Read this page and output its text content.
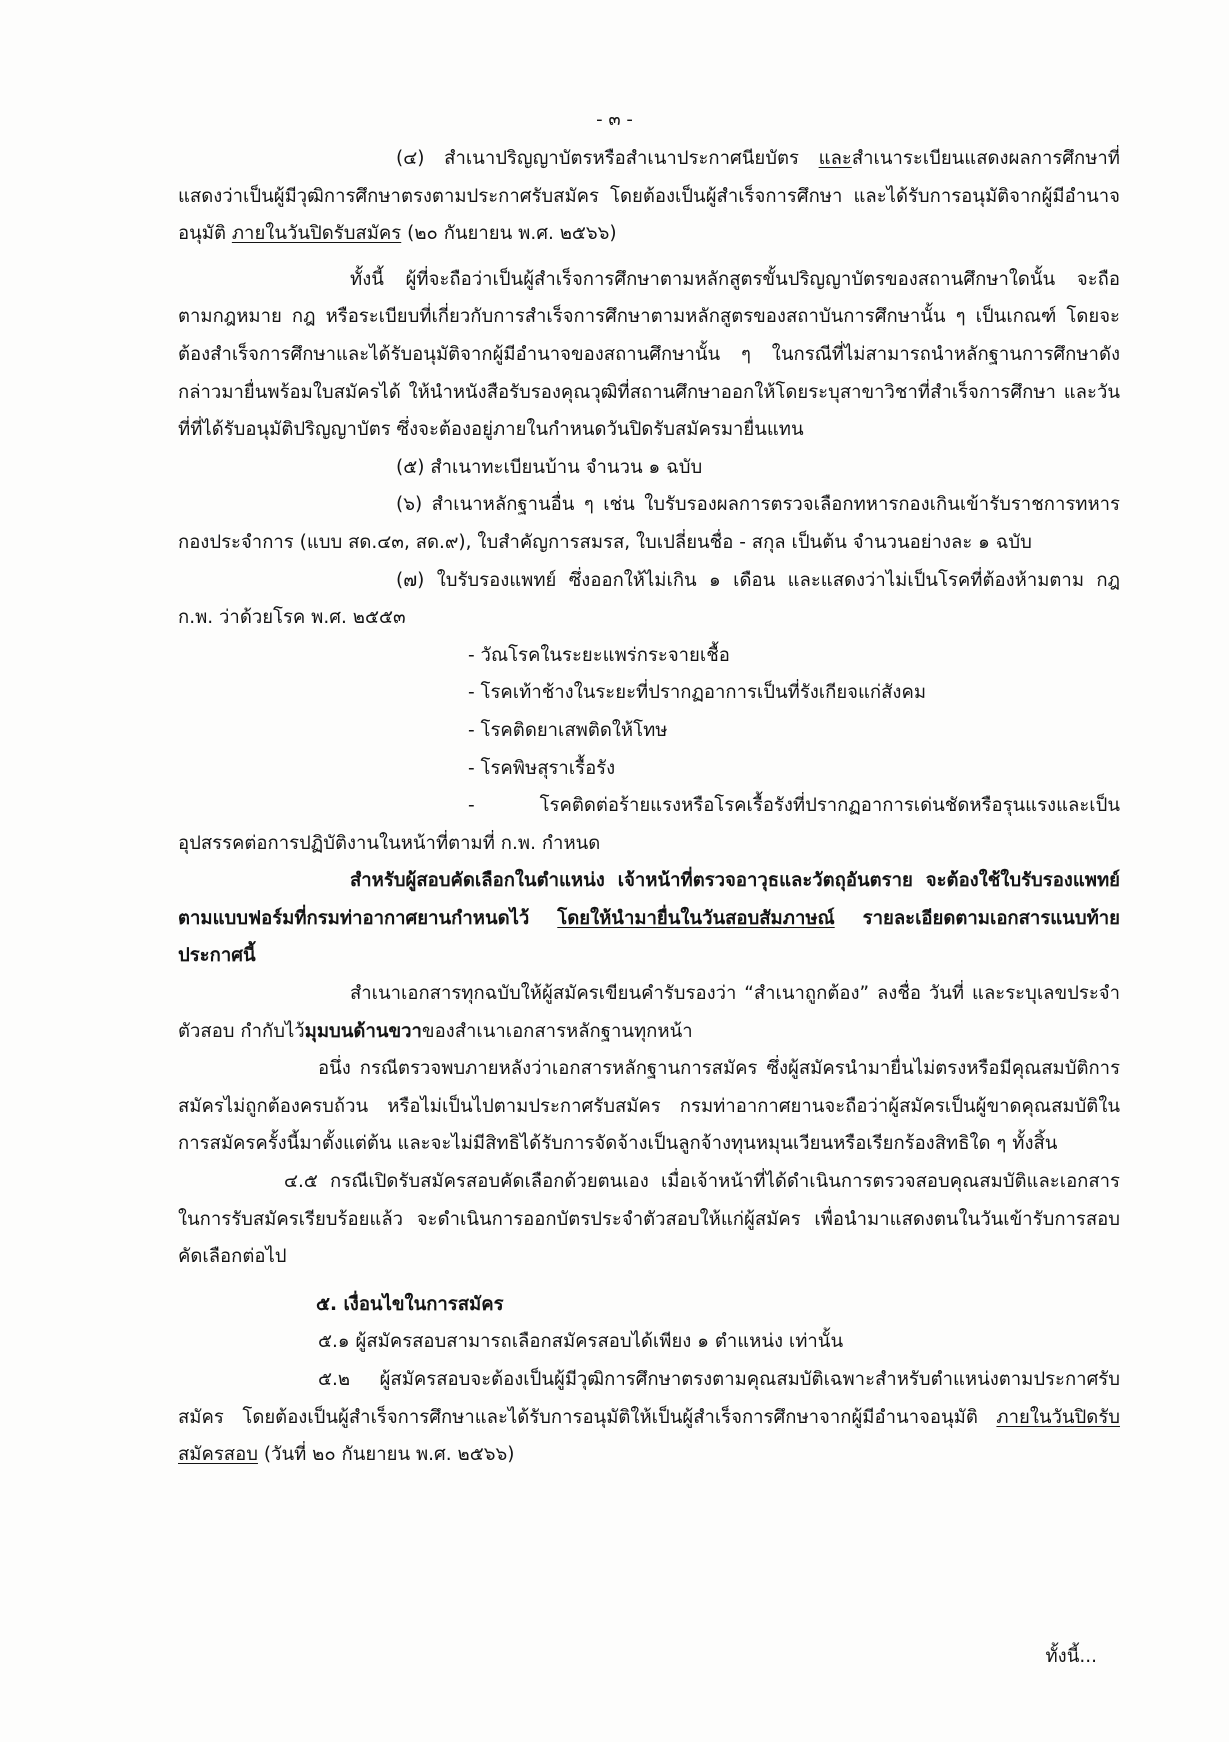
- ๓ -

(๔) สำเนาปริญญาบัตรหรือสำเนาประกาศนียบัตร และสำเนาระเบียนแสดงผลการศึกษาที่แสดงว่าเป็นผู้มีวุฒิการศึกษาตรงตามประกาศรับสมัคร โดยต้องเป็นผู้สำเร็จการศึกษา และได้รับการอนุมัติจากผู้มีอำนาจอนุมัติ ภายในวันปิดรับสมัคร (๒๐ กันยายน พ.ศ. ๒๕๖๖)

ทั้งนี้ ผู้ที่จะถือว่าเป็นผู้สำเร็จการศึกษาตามหลักสูตรขั้นปริญญาบัตรของสถานศึกษาใดนั้น จะถือตามกฎหมาย กฎ หรือระเบียบที่เกี่ยวกับการสำเร็จการศึกษาตามหลักสูตรของสถาบันการศึกษานั้น ๆ เป็นเกณฑ์ โดยจะต้องสำเร็จการศึกษาและได้รับอนุมัติจากผู้มีอำนาจของสถานศึกษานั้น ๆ ในกรณีที่ไม่สามารถนำหลักฐานการศึกษาดังกล่าวมายื่นพร้อมใบสมัครได้ ให้นำหนังสือรับรองคุณวุฒิที่สถานศึกษาออกให้โดยระบุสาขาวิชาที่สำเร็จการศึกษา และวันที่ที่ได้รับอนุมัติปริญญาบัตร ซึ่งจะต้องอยู่ภายในกำหนดวันปิดรับสมัครมายื่นแทน

(๕) สำเนาทะเบียนบ้าน จำนวน ๑ ฉบับ

(๖) สำเนาหลักฐานอื่น ๆ เช่น ใบรับรองผลการตรวจเลือกทหารกองเกินเข้ารับราชการทหารกองประจำการ (แบบ สด.๔๓, สด.๙), ใบสำคัญการสมรส, ใบเปลี่ยนชื่อ - สกุล เป็นต้น จำนวนอย่างละ ๑ ฉบับ

(๗) ใบรับรองแพทย์ ซึ่งออกให้ไม่เกิน ๑ เดือน และแสดงว่าไม่เป็นโรคที่ต้องห้ามตาม กฎ ก.พ. ว่าด้วยโรค พ.ศ. ๒๕๕๓

- วัณโรคในระยะแพร่กระจายเชื้อ

- โรคเท้าช้างในระยะที่ปรากฏอาการเป็นที่รังเกียจแก่สังคม

- โรคติดยาเสพติดให้โทษ

- โรคพิษสุราเรื้อรัง

- โรคติดต่อร้ายแรงหรือโรคเรื้อรังที่ปรากฏอาการเด่นชัดหรือรุนแรงและเป็นอุปสรรคต่อการปฏิบัติงานในหน้าที่ตามที่ ก.พ. กำหนด

สำหรับผู้สอบคัดเลือกในตำแหน่ง เจ้าหน้าที่ตรวจอาวุธและวัตถุอันตราย จะต้องใช้ใบรับรองแพทย์ ตามแบบฟอร์มที่กรมท่าอากาศยานกำหนดไว้ โดยให้นำมายื่นในวันสอบสัมภาษณ์ รายละเอียดตามเอกสารแนบท้ายประกาศนี้

สำเนาเอกสารทุกฉบับให้ผู้สมัครเขียนคำรับรองว่า “สำเนาถูกต้อง” ลงชื่อ วันที่ และระบุเลขประจำตัวสอบ กำกับไว้มุมบนด้านขวาของสำเนาเอกสารหลักฐานทุกหน้า

อนึ่ง กรณีตรวจพบภายหลังว่าเอกสารหลักฐานการสมัคร ซึ่งผู้สมัครนำมายื่นไม่ตรงหรือมีคุณสมบัติการสมัครไม่ถูกต้องครบถ้วน หรือไม่เป็นไปตามประกาศรับสมัคร กรมท่าอากาศยานจะถือว่าผู้สมัครเป็นผู้ขาดคุณสมบัติในการสมัครครั้งนี้มาตั้งแต่ต้น และจะไม่มีสิทธิได้รับการจัดจ้างเป็นลูกจ้างทุนหมุนเวียนหรือเรียกร้องสิทธิใด ๆ ทั้งสิ้น

๔.๕ กรณีเปิดรับสมัครสอบคัดเลือกด้วยตนเอง เมื่อเจ้าหน้าที่ได้ดำเนินการตรวจสอบคุณสมบัติและเอกสารในการรับสมัครเรียบร้อยแล้ว จะดำเนินการออกบัตรประจำตัวสอบให้แก่ผู้สมัคร เพื่อนำมาแสดงตนในวันเข้ารับการสอบคัดเลือกต่อไป

๕. เงื่อนไขในการสมัคร

๕.๑ ผู้สมัครสอบสามารถเลือกสมัครสอบได้เพียง ๑ ตำแหน่ง เท่านั้น

๕.๒ ผู้สมัครสอบจะต้องเป็นผู้มีวุฒิการศึกษาตรงตามคุณสมบัติเฉพาะสำหรับตำแหน่งตามประกาศรับสมัคร โดยต้องเป็นผู้สำเร็จการศึกษาและได้รับการอนุมัติให้เป็นผู้สำเร็จการศึกษาจากผู้มีอำนาจอนุมัติ ภายในวันปิดรับสมัครสอบ (วันที่ ๒๐ กันยายน พ.ศ. ๒๕๖๖)

ทั้งนี้...
